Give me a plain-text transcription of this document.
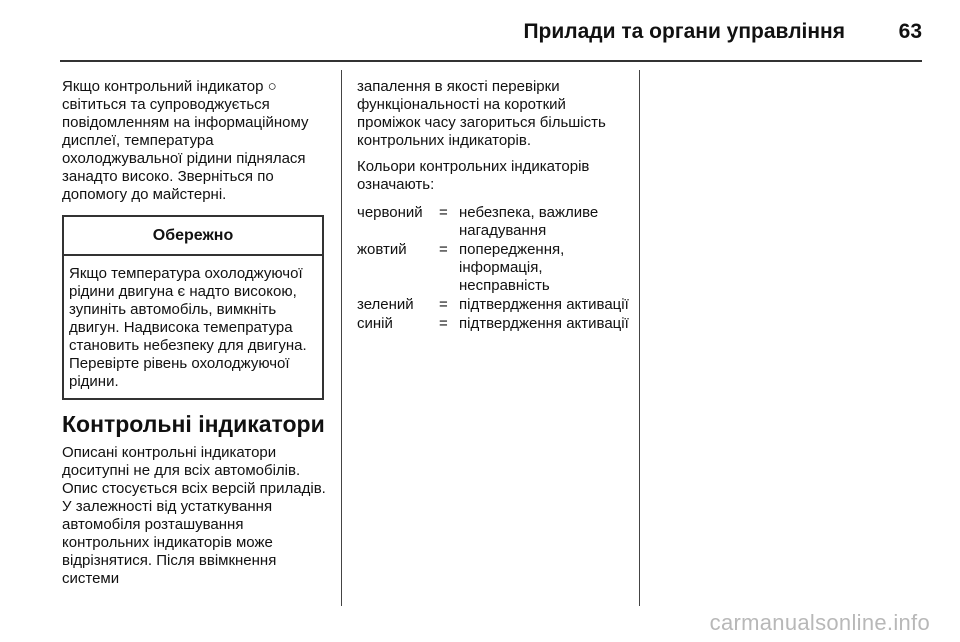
Прилади та органи управління	63

Якщо контрольний індикатор ○ світиться та супроводжується повідомленням на інформаційному дисплеї, температура охолоджувальної рідини піднялася занадто високо. Зверніться по допомогу до майстерні.

Обережно
Якщо температура охолоджуючої рідини двигуна є надто високою, зупиніть автомобіль, вимкніть двигун. Надвисока темепратура становить небезпеку для двигуна. Перевірте рівень охолоджуючої рідини.
Контрольні індикатори

Описані контрольні індикатори доситупні не для всіх автомобілів. Опис стосується всіх версій приладів. У залежності від устаткування автомобіля розташування контрольних індикаторів може відрізнятися. Після ввімкнення системи

запалення в якості перевірки функціональності на короткий проміжок часу загориться більшість контрольних індикаторів.

Кольори контрольних індикаторів означають:

червоний	= небезпека, важливе нагадування
жовтий	= попередження, інформація, несправність
зелений	= підтвердження активації
синій	= підтвердження активації
carmanualsonline.info
